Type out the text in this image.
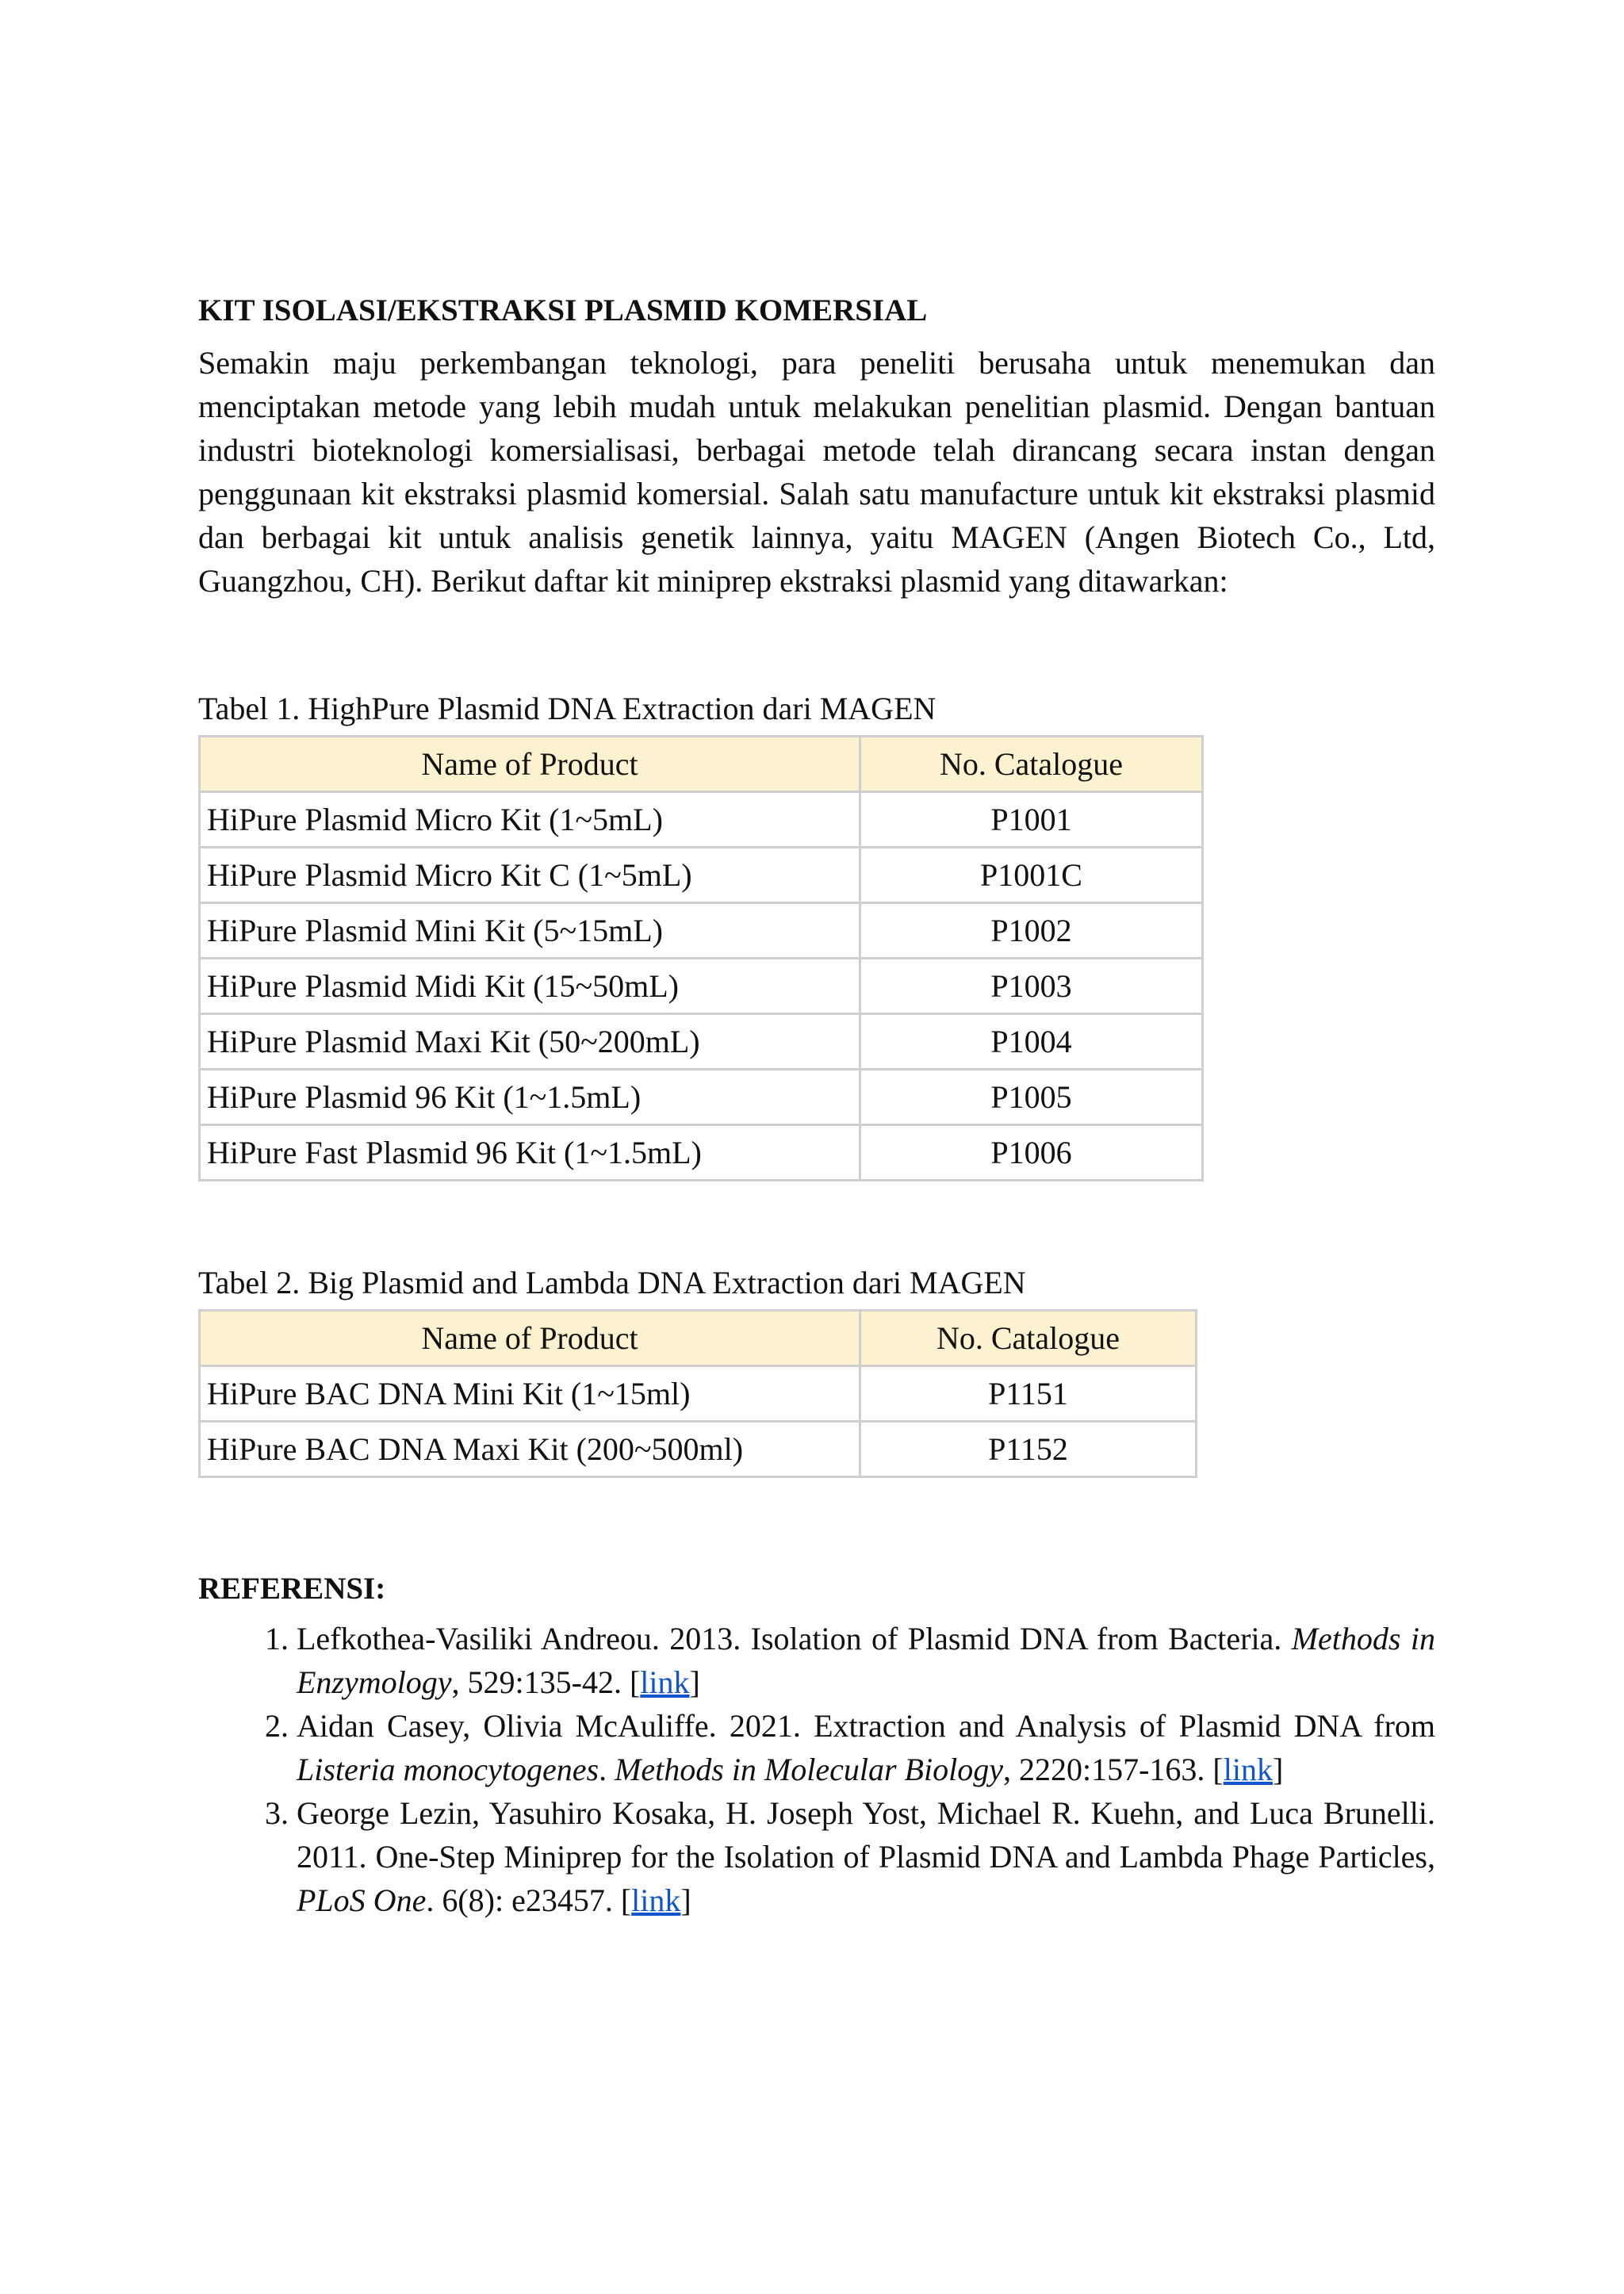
KIT ISOLASI/EKSTRAKSI PLASMID KOMERSIAL

Semakin maju perkembangan teknologi, para peneliti berusaha untuk menemukan dan menciptakan metode yang lebih mudah untuk melakukan penelitian plasmid. Dengan bantuan industri bioteknologi komersialisasi, berbagai metode telah dirancang secara instan dengan penggunaan kit ekstraksi plasmid komersial. Salah satu manufacture untuk kit ekstraksi plasmid dan berbagai kit untuk analisis genetik lainnya, yaitu MAGEN (Angen Biotech Co., Ltd, Guangzhou, CH). Berikut daftar kit miniprep ekstraksi plasmid yang ditawarkan:

Tabel 1. HighPure Plasmid DNA Extraction dari MAGEN

Name of Product	No. Catalogue
HiPure Plasmid Micro Kit (1~5mL)	P1001
HiPure Plasmid Micro Kit C (1~5mL)	P1001C
HiPure Plasmid Mini Kit (5~15mL)	P1002
HiPure Plasmid Midi Kit (15~50mL)	P1003
HiPure Plasmid Maxi Kit (50~200mL)	P1004
HiPure Plasmid 96 Kit (1~1.5mL)	P1005
HiPure Fast Plasmid 96 Kit (1~1.5mL)	P1006

Tabel 2. Big Plasmid and Lambda DNA Extraction dari MAGEN

Name of Product	No. Catalogue
HiPure BAC DNA Mini Kit (1~15ml)	P1151
HiPure BAC DNA Maxi Kit (200~500ml)	P1152

REFERENSI:

1. Lefkothea-Vasiliki Andreou. 2013. Isolation of Plasmid DNA from Bacteria. Methods in Enzymology, 529:135-42. [link]
2. Aidan Casey, Olivia McAuliffe. 2021. Extraction and Analysis of Plasmid DNA from Listeria monocytogenes. Methods in Molecular Biology, 2220:157-163. [link]
3. George Lezin, Yasuhiro Kosaka, H. Joseph Yost, Michael R. Kuehn, and Luca Brunelli. 2011. One-Step Miniprep for the Isolation of Plasmid DNA and Lambda Phage Particles, PLoS One. 6(8): e23457. [link]
